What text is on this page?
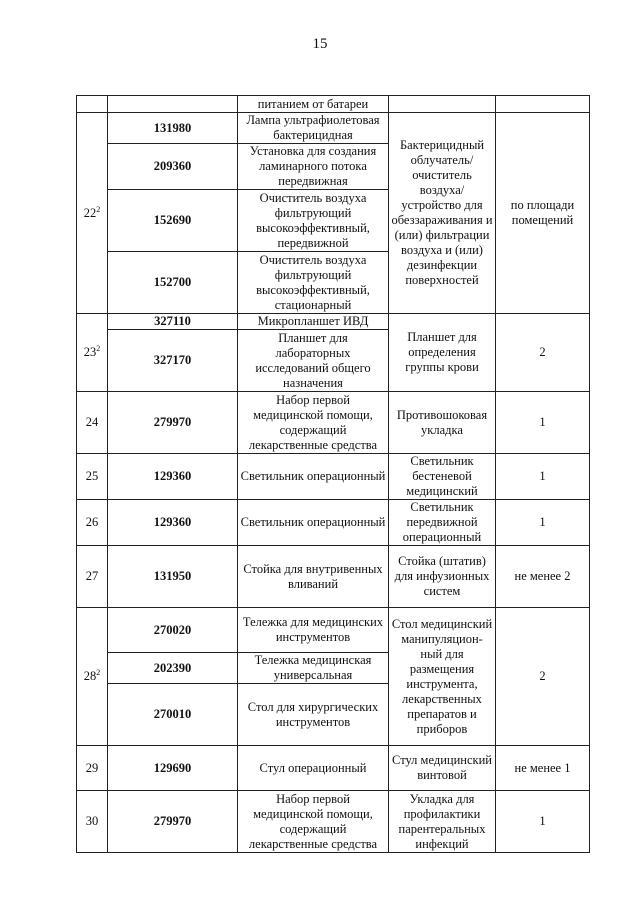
15
		питанием от батареи		
$22^2$	131980	Лампа ультрафиолетовая бактерицидная	Бактерицидный облучатель/ очиститель воздуха/ устройство для обеззараживания и (или) фильтрации воздуха и (или) дезинфекции поверхностей	по площади помещений
	209360	Установка для создания ламинарного потока передвижная		
	152690	Очиститель воздуха фильтрующий высокоэффективный, передвижной		
	152700	Очиститель воздуха фильтрующий высокоэффективный, стационарный		
$23^2$	327110	Микропланшет ИВД	Планшет для определения группы крови	2
	327170	Планшет для лабораторных исследований общего назначения		
24	279970	Набор первой медицинской помощи, содержащий лекарственные средства	Противошоковая укладка	1
25	129360	Светильник операционный	Светильник бестеневой медицинский	1
26	129360	Светильник операционный	Светильник передвижной операционный	1
27	131950	Стойка для внутривенных вливаний	Стойка (штатив) для инфузионных систем	не менее 2
$28^2$	270020	Тележка для медицинских инструментов	Стол медицинский манипуляцион-ный для размещения инструмента, лекарственных препаратов и приборов	2
	202390	Тележка медицинская универсальная		
	270010	Стол для хирургических инструментов		
29	129690	Стул операционный	Стул медицинский винтовой	не менее 1
30	279970	Набор первой медицинской помощи, содержащий лекарственные средства	Укладка для профилактики парентеральных инфекций	1
